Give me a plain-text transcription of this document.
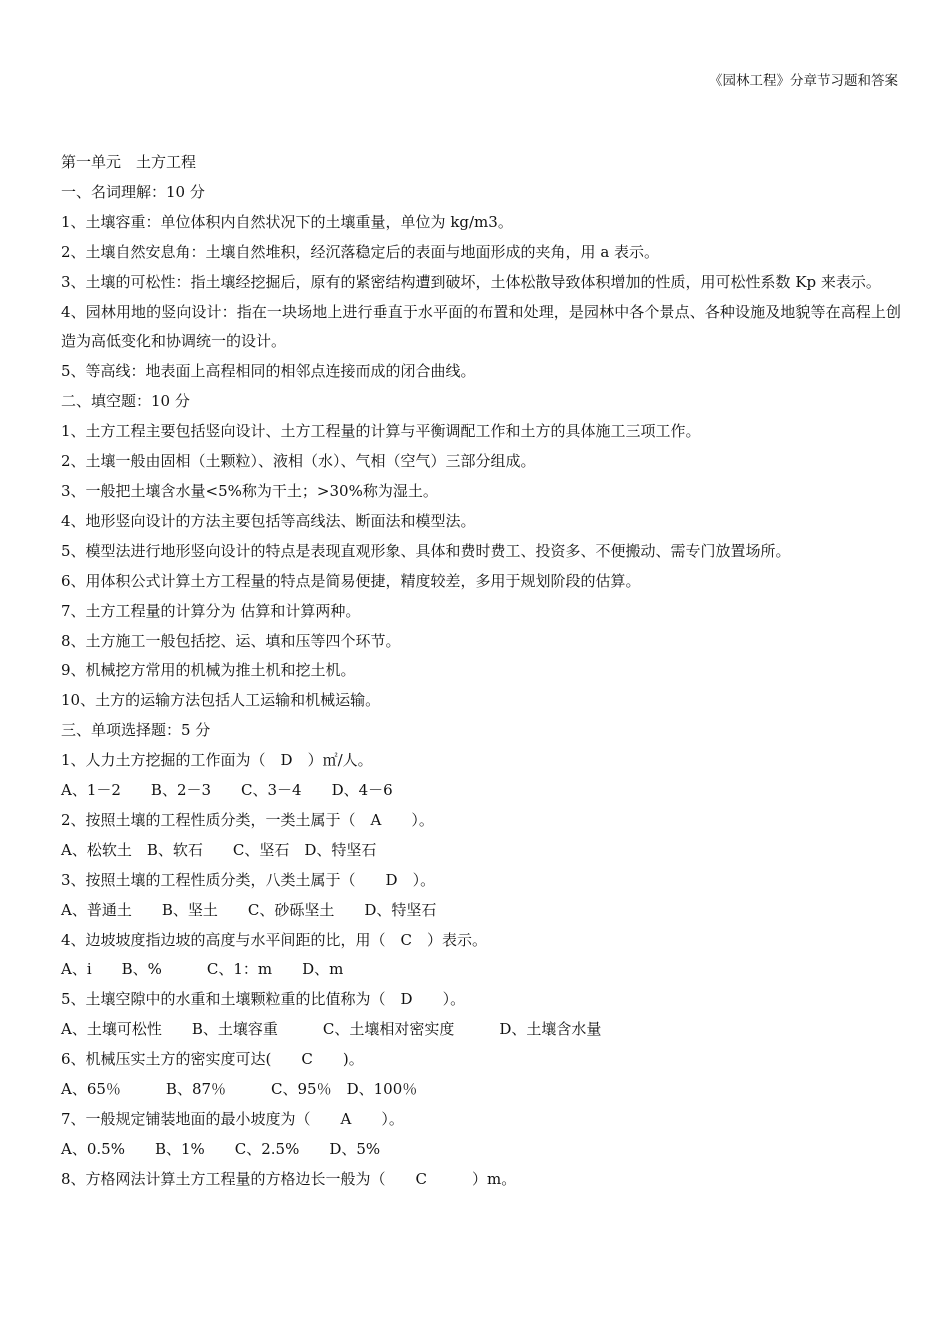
《园林工程》分章节习题和答案
第一单元　土方工程
一、名词理解：10 分
1、土壤容重：单位体积内自然状况下的土壤重量，单位为 kg/m3。
2、土壤自然安息角：土壤自然堆积，经沉落稳定后的表面与地面形成的夹角，用 a 表示。
3、土壤的可松性：指土壤经挖掘后，原有的紧密结构遭到破坏，土体松散导致体积增加的性质，用可松性系数 Kp 来表示。
4、园林用地的竖向设计：指在一块场地上进行垂直于水平面的布置和处理，是园林中各个景点、各种设施及地貌等在高程上创造为高低变化和协调统一的设计。
5、等高线：地表面上高程相同的相邻点连接而成的闭合曲线。
二、填空题：10 分
1、土方工程主要包括竖向设计、土方工程量的计算与平衡调配工作和土方的具体施工三项工作。
2、土壤一般由固相（土颗粒）、液相（水）、气相（空气）三部分组成。
3、一般把土壤含水量<5%称为干土；>30%称为湿土。
4、地形竖向设计的方法主要包括等高线法、断面法和模型法。
5、模型法进行地形竖向设计的特点是表现直观形象、具体和费时费工、投资多、不便搬动、需专门放置场所。
6、用体积公式计算土方工程量的特点是简易便捷，精度较差，多用于规划阶段的估算。
7、土方工程量的计算分为 估算和计算两种。
8、土方施工一般包括挖、运、填和压等四个环节。
9、机械挖方常用的机械为推土机和挖土机。
10、土方的运输方法包括人工运输和机械运输。
三、单项选择题：5 分
1、人力土方挖掘的工作面为（　D　）㎡/人。
A、1－2　　B、2－3　　C、3－4　　D、4－6
2、按照土壤的工程性质分类，一类土属于（　A　　）。
A、松软土　B、软石　　C、坚石　D、特坚石
3、按照土壤的工程性质分类，八类土属于（　　D　）。
A、普通土　　B、坚土　　C、砂砾坚土　　D、特坚石
4、边坡坡度指边坡的高度与水平间距的比，用（　C　）表示。
A、i　　B、%　　　C、1：m　　D、m
5、土壤空隙中的水重和土壤颗粒重的比值称为（　D　　）。
A、土壤可松性　　B、土壤容重　　　C、土壤相对密实度　　　D、土壤含水量
6、机械压实土方的密实度可达(　　C　　)。
A、65％　　　B、87％　　　C、95％　D、100％
7、一般规定铺装地面的最小坡度为（　　A　　）。
A、0.5%　　B、1%　　C、2.5%　　D、5%
8、方格网法计算土方工程量的方格边长一般为（　　C　　　）m。
